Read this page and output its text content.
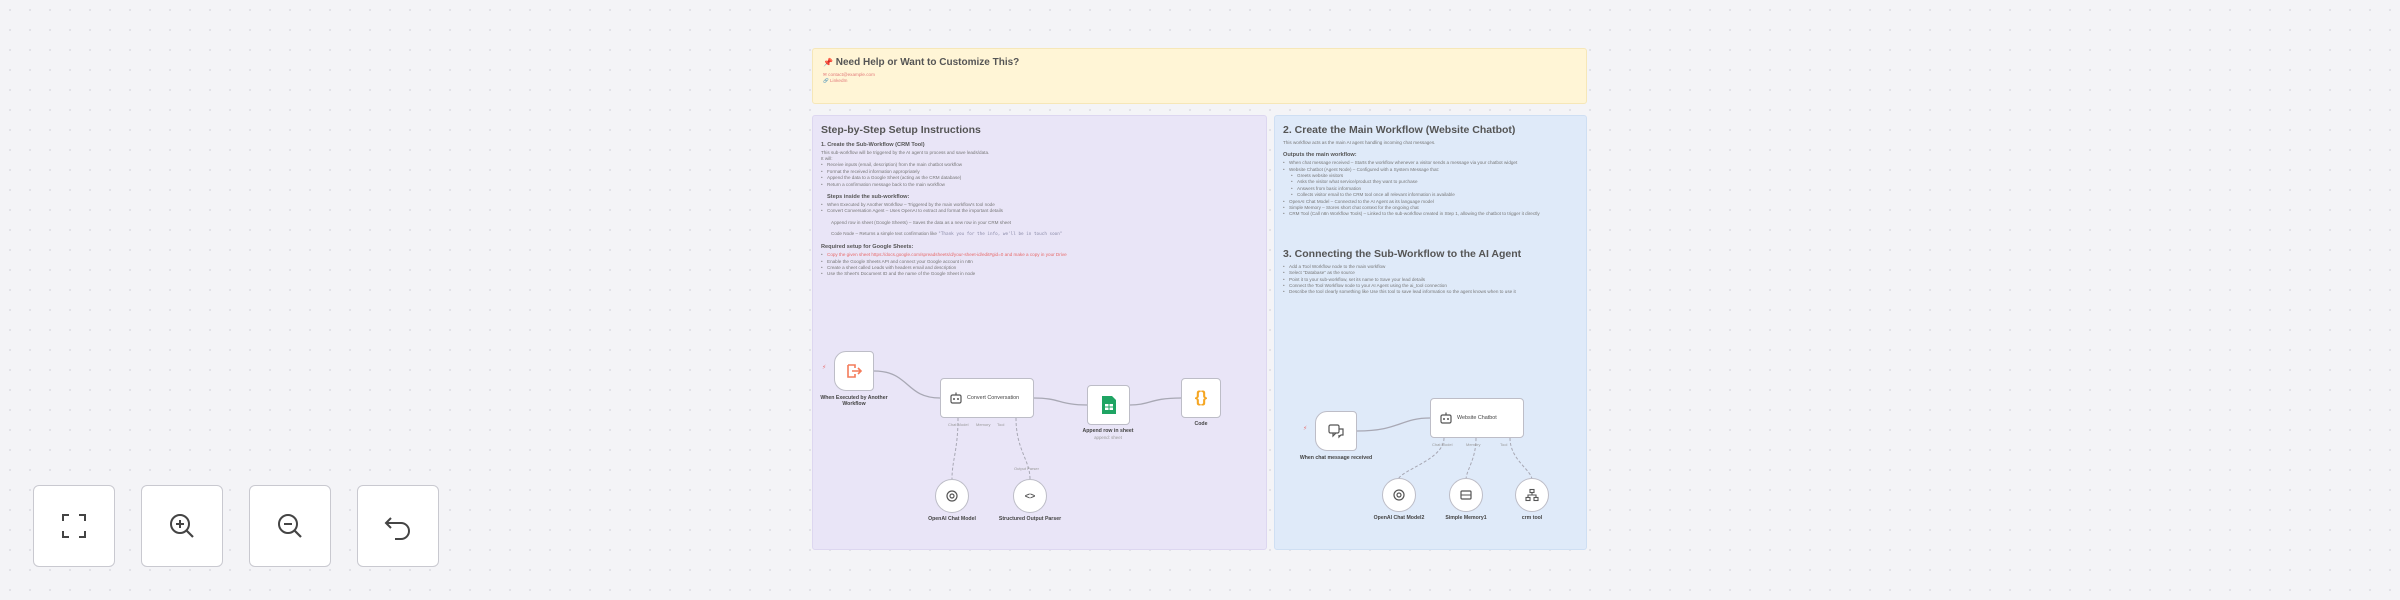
📌 Need Help or Want to Customize This?
✉ contact@example.com
🔗 LinkedIn
Step-by-Step Setup Instructions
1. Create the Sub-Workflow (CRM Tool)
This sub-workflow will be triggered by the AI agent to process and save leads/data.
It will:
• Receive inputs (email, description) from the main chatbot workflow
• Format the received information appropriately
• Append the data to a Google Sheet (acting as the CRM database)
• Return a confirmation message back to the main workflow
Steps inside the sub-workflow:
• When Executed by Another Workflow – Triggered by the main workflow's tool node
• Convert Conversation Agent – Uses OpenAI to extract and format the important details
Append row in sheet (Google Sheets) – Saves the data as a new row in your CRM sheet
Code Node – Returns a simple text confirmation like "Thank you for the info, we'll be in touch soon"
Required setup for Google Sheets:
• Copy the given sheet https://docs.google.com/spreadsheets/d/your-sheet-id/edit#gid=0 and make a copy in your Drive
• Enable the Google Sheets API and connect your Google account in n8n
• Create a sheet called Leads with headers email and description
• Use the Sheet's Document ID and the name of the Google Sheet in node
2. Create the Main Workflow (Website Chatbot)
This workflow acts as the main AI agent handling incoming chat messages.
Outputs the main workflow:
• When chat message received – Starts the workflow whenever a visitor sends a message via your chatbot widget
• Website Chatbot (Agent Node) – Configured with a System Message that:
• Greets website visitors
• Asks the visitor what service/product they want to purchase
• Answers from basic information
• Collects visitor email to the CRM tool once all relevant information is available
• OpenAI Chat Model – Connected to the AI Agent as its language model
• Simple Memory – Stores short chat context for the ongoing chat
• CRM Tool (Call n8n Workflow Tools) – Linked to the sub-workflow created in Step 1, allowing the chatbot to trigger it directly
3. Connecting the Sub-Workflow to the AI Agent
• Add a Tool Workflow node to the main workflow
• Select "Database" as the source
• Point it to your sub-workflow, set its name to Save your lead details
• Connect the Tool Workflow node to your AI Agent using the ai_tool connection
• Describe the tool clearly something like Use this tool to save lead information so the agent knows when to use it
⚡
When Executed by Another Workflow
Convert Conversation
Chat Model Memory Tool
Output Parser
Append row in sheet
append: sheet
{}
Code
OpenAI Chat Model
<>
Structured Output Parser
⚡
When chat message received
Website Chatbot
Chat Model	Memory	Tool
OpenAI Chat Model2	Simple Memory1	crm tool
